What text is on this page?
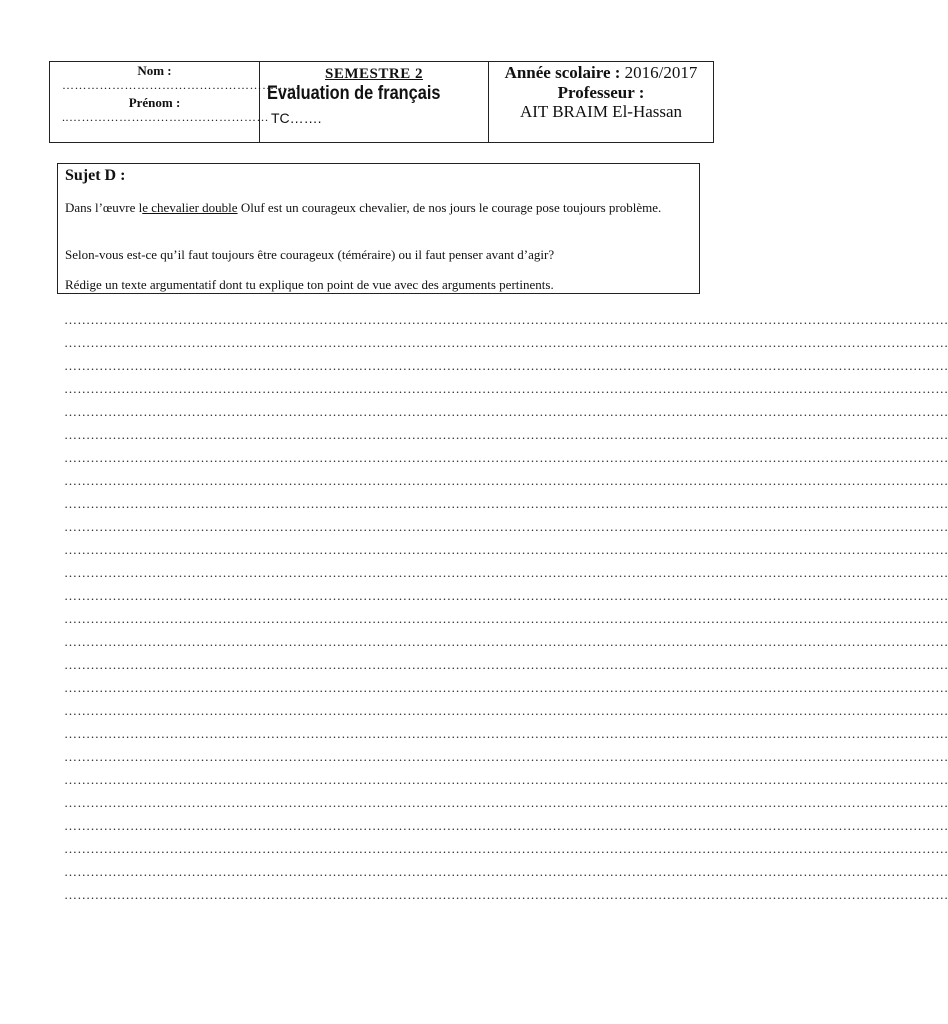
Nom :
…………………………………………………
Prénom :
..…………………………………………
SEMESTRE 2
Evaluation de français
TC…….
Année scolaire : 2016/2017
Professeur :
AIT BRAIM El-Hassan
Sujet D :

Dans l’œuvre le chevalier double Oluf est un courageux chevalier, de nos jours le courage pose toujours problème.

Selon-vous est-ce qu’il faut toujours être courageux (téméraire) ou il faut penser avant d’agir?

Rédige un texte argumentatif dont tu explique ton point de vue avec des arguments pertinents.

…………………………………………………………………………………………………………………………………………………………………………………
…………………………………………………………………………………………………………………………………………………………………………………
…………………………………………………………………………………………………………………………………………………………………………………
…………………………………………………………………………………………………………………………………………………………………………………
…………………………………………………………………………………………………………………………………………………………………………………
…………………………………………………………………………………………………………………………………………………………………………………
…………………………………………………………………………………………………………………………………………………………………………………
…………………………………………………………………………………………………………………………………………………………………………………
…………………………………………………………………………………………………………………………………………………………………………………
…………………………………………………………………………………………………………………………………………………………………………………
…………………………………………………………………………………………………………………………………………………………………………………
…………………………………………………………………………………………………………………………………………………………………………………
…………………………………………………………………………………………………………………………………………………………………………………
…………………………………………………………………………………………………………………………………………………………………………………
…………………………………………………………………………………………………………………………………………………………………………………
…………………………………………………………………………………………………………………………………………………………………………………
…………………………………………………………………………………………………………………………………………………………………………………
…………………………………………………………………………………………………………………………………………………………………………………
…………………………………………………………………………………………………………………………………………………………………………………
…………………………………………………………………………………………………………………………………………………………………………………
…………………………………………………………………………………………………………………………………………………………………………………
…………………………………………………………………………………………………………………………………………………………………………………
…………………………………………………………………………………………………………………………………………………………………………………
…………………………………………………………………………………………………………………………………………………………………………………
…………………………………………………………………………………………………………………………………………………………………………………
…………………………………………………………………………………………………………………………………………………………………………………
